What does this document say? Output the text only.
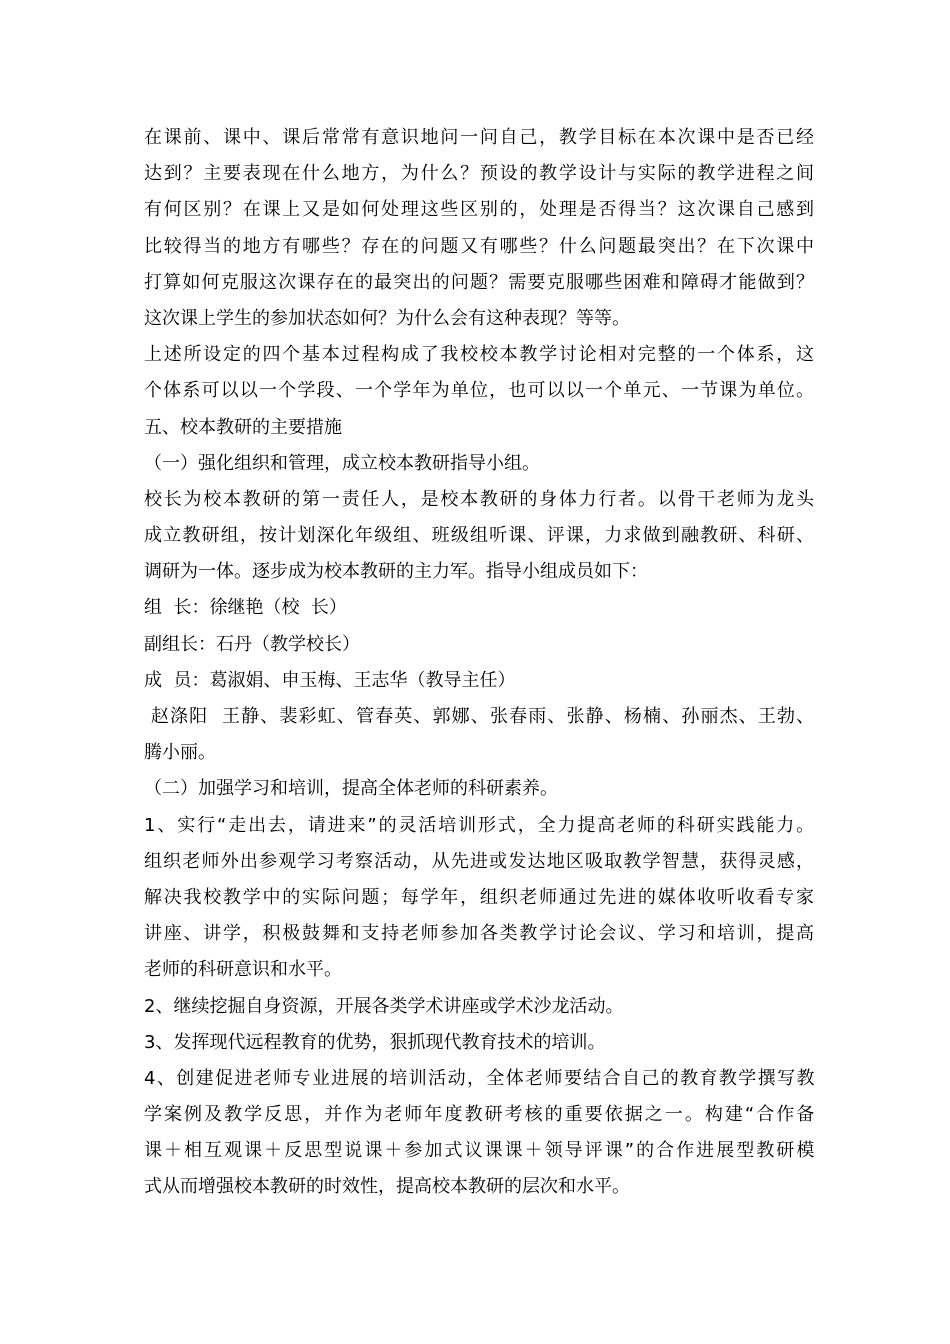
在课前、课中、课后常常有意识地问一问自己，教学目标在本次课中是否已经
达到？主要表现在什么地方，为什么？预设的教学设计与实际的教学进程之间
有何区别？在课上又是如何处理这些区别的，处理是否得当？这次课自己感到
比较得当的地方有哪些？存在的问题又有哪些？什么问题最突出？在下次课中
打算如何克服这次课存在的最突出的问题？需要克服哪些困难和障碍才能做到？
这次课上学生的参加状态如何？为什么会有这种表现？等等。
上述所设定的四个基本过程构成了我校校本教学讨论相对完整的一个体系，这
个体系可以以一个学段、一个学年为单位，也可以以一个单元、一节课为单位。
五、校本教研的主要措施
（一）强化组织和管理，成立校本教研指导小组。
校长为校本教研的第一责任人，是校本教研的身体力行者。以骨干老师为龙头
成立教研组，按计划深化年级组、班级组听课、评课，力求做到融教研、科研、
调研为一体。逐步成为校本教研的主力军。指导小组成员如下：
组  长：徐继艳（校  长）
副组长：石丹（教学校长）
成  员：葛淑娟、申玉梅、王志华（教导主任）
赵涤阳  王静、裴彩虹、管春英、郭娜、张春雨、张静、杨楠、孙丽杰、王勃、
腾小丽。
（二）加强学习和培训，提高全体老师的科研素养。
1、实行“走出去，请进来”的灵活培训形式，全力提高老师的科研实践能力。
组织老师外出参观学习考察活动，从先进或发达地区吸取教学智慧，获得灵感，
解决我校教学中的实际问题；每学年，组织老师通过先进的媒体收听收看专家
讲座、讲学，积极鼓舞和支持老师参加各类教学讨论会议、学习和培训，提高
老师的科研意识和水平。
2、继续挖掘自身资源，开展各类学术讲座或学术沙龙活动。
3、发挥现代远程教育的优势，狠抓现代教育技术的培训。
4、创建促进老师专业进展的培训活动，全体老师要结合自己的教育教学撰写教
学案例及教学反思，并作为老师年度教研考核的重要依据之一。构建“合作备
课＋相互观课＋反思型说课＋参加式议课课＋领导评课”的合作进展型教研模
式从而增强校本教研的时效性，提高校本教研的层次和水平。
